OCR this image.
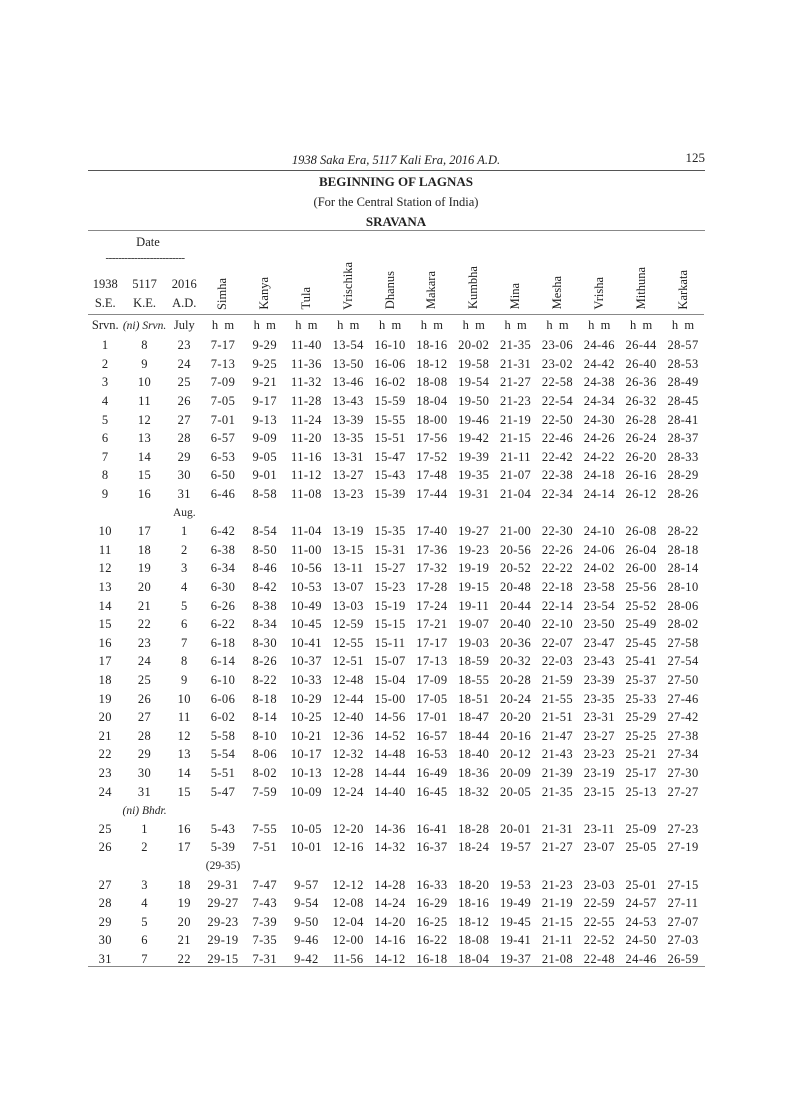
1938 Saka Era, 5117 Kali Era, 2016 A.D.	125
BEGINNING OF LAGNAS
(For the Central Station of India)
SRAVANA
Date														
-------------------------			Simha	Kanya	Tula	Vrischika	Dhanus	Makara	Kumbha	Mina	Mesha	Vrisha	Mithuna	Karkata
1938	5117	2016												
S.E.	K.E.	A.D.												
Srvn.	(ni) Srvn.	July	h  m	h  m	h  m	h  m	h  m	h  m	h  m	h  m	h  m	h  m	h  m	h  m
1	8	23	7-17	9-29	11-40	13-54	16-10	18-16	20-02	21-35	23-06	24-46	26-44	28-57
2	9	24	7-13	9-25	11-36	13-50	16-06	18-12	19-58	21-31	23-02	24-42	26-40	28-53
3	10	25	7-09	9-21	11-32	13-46	16-02	18-08	19-54	21-27	22-58	24-38	26-36	28-49
4	11	26	7-05	9-17	11-28	13-43	15-59	18-04	19-50	21-23	22-54	24-34	26-32	28-45
5	12	27	7-01	9-13	11-24	13-39	15-55	18-00	19-46	21-19	22-50	24-30	26-28	28-41
6	13	28	6-57	9-09	11-20	13-35	15-51	17-56	19-42	21-15	22-46	24-26	26-24	28-37
7	14	29	6-53	9-05	11-16	13-31	15-47	17-52	19-39	21-11	22-42	24-22	26-20	28-33
8	15	30	6-50	9-01	11-12	13-27	15-43	17-48	19-35	21-07	22-38	24-18	26-16	28-29
9	16	31	6-46	8-58	11-08	13-23	15-39	17-44	19-31	21-04	22-34	24-14	26-12	28-26
		Aug.												
10	17	1	6-42	8-54	11-04	13-19	15-35	17-40	19-27	21-00	22-30	24-10	26-08	28-22
11	18	2	6-38	8-50	11-00	13-15	15-31	17-36	19-23	20-56	22-26	24-06	26-04	28-18
12	19	3	6-34	8-46	10-56	13-11	15-27	17-32	19-19	20-52	22-22	24-02	26-00	28-14
13	20	4	6-30	8-42	10-53	13-07	15-23	17-28	19-15	20-48	22-18	23-58	25-56	28-10
14	21	5	6-26	8-38	10-49	13-03	15-19	17-24	19-11	20-44	22-14	23-54	25-52	28-06
15	22	6	6-22	8-34	10-45	12-59	15-15	17-21	19-07	20-40	22-10	23-50	25-49	28-02
16	23	7	6-18	8-30	10-41	12-55	15-11	17-17	19-03	20-36	22-07	23-47	25-45	27-58
17	24	8	6-14	8-26	10-37	12-51	15-07	17-13	18-59	20-32	22-03	23-43	25-41	27-54
18	25	9	6-10	8-22	10-33	12-48	15-04	17-09	18-55	20-28	21-59	23-39	25-37	27-50
19	26	10	6-06	8-18	10-29	12-44	15-00	17-05	18-51	20-24	21-55	23-35	25-33	27-46
20	27	11	6-02	8-14	10-25	12-40	14-56	17-01	18-47	20-20	21-51	23-31	25-29	27-42
21	28	12	5-58	8-10	10-21	12-36	14-52	16-57	18-44	20-16	21-47	23-27	25-25	27-38
22	29	13	5-54	8-06	10-17	12-32	14-48	16-53	18-40	20-12	21-43	23-23	25-21	27-34
23	30	14	5-51	8-02	10-13	12-28	14-44	16-49	18-36	20-09	21-39	23-19	25-17	27-30
24	31	15	5-47	7-59	10-09	12-24	14-40	16-45	18-32	20-05	21-35	23-15	25-13	27-27
	(ni) Bhdr.													
25	1	16	5-43	7-55	10-05	12-20	14-36	16-41	18-28	20-01	21-31	23-11	25-09	27-23
26	2	17	5-39	7-51	10-01	12-16	14-32	16-37	18-24	19-57	21-27	23-07	25-05	27-19
			(29-35)											
27	3	18	29-31	7-47	9-57	12-12	14-28	16-33	18-20	19-53	21-23	23-03	25-01	27-15
28	4	19	29-27	7-43	9-54	12-08	14-24	16-29	18-16	19-49	21-19	22-59	24-57	27-11
29	5	20	29-23	7-39	9-50	12-04	14-20	16-25	18-12	19-45	21-15	22-55	24-53	27-07
30	6	21	29-19	7-35	9-46	12-00	14-16	16-22	18-08	19-41	21-11	22-52	24-50	27-03
31	7	22	29-15	7-31	9-42	11-56	14-12	16-18	18-04	19-37	21-08	22-48	24-46	26-59
